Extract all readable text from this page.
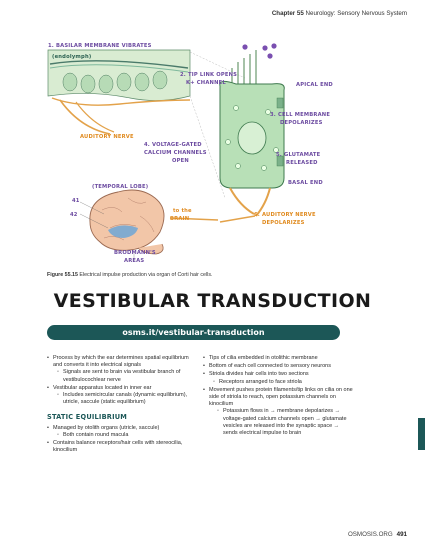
Chapter 55 Neurology: Sensory Nervous System
1. BASILAR MEMBRANE VIBRATES
(endolymph)
2. TIP LINK OPENS
K+ CHANNEL	APICAL END
3. CELL MEMBRANE
DEPOLARIZES
AUDITORY NERVE
4. VOLTAGE-GATED
CALCIUM CHANNELS
OPEN
5. GLUTAMATE
RELEASED
BASAL END
(TEMPORAL LOBE)
41
42
to the
BRAIN
6. AUDITORY NERVE
DEPOLARIZES
BRODMANN'S
AREAS
Figure 55.15 Electrical impulse production via organ of Corti hair cells.
VESTIBULAR TRANSDUCTION
osms.it/vestibular-transduction
• Process by which the ear determines spatial equilibrium and converts it into electrical signals
◦ Signals are sent to brain via vestibular branch of vestibulocochlear nerve
• Vestibular apparatus located in inner ear
◦ Includes semicircular canals (dynamic equilibrium), utricle, saccule (static equilibrium)
STATIC EQUILIBRIUM
• Managed by otolith organs (utricle, saccule)
◦ Both contain round macula
• Contains balance receptors/hair cells with stereocilia, kinocilium
• Tips of cilia embedded in otolithic membrane
• Bottom of each cell connected to sensory neurons
• Striola divides hair cells into two sections
◦ Receptors arranged to face striola
• Movement pushes protein filaments/tip links on cilia on one side of striola to reach, open potassium channels on kinocilium
◦ Potassium flows in → membrane depolarizes → voltage-gated calcium channels open → glutamate vesicles are released into the synaptic space → sends electrical impulse to brain
OSMOSIS.ORG 491
